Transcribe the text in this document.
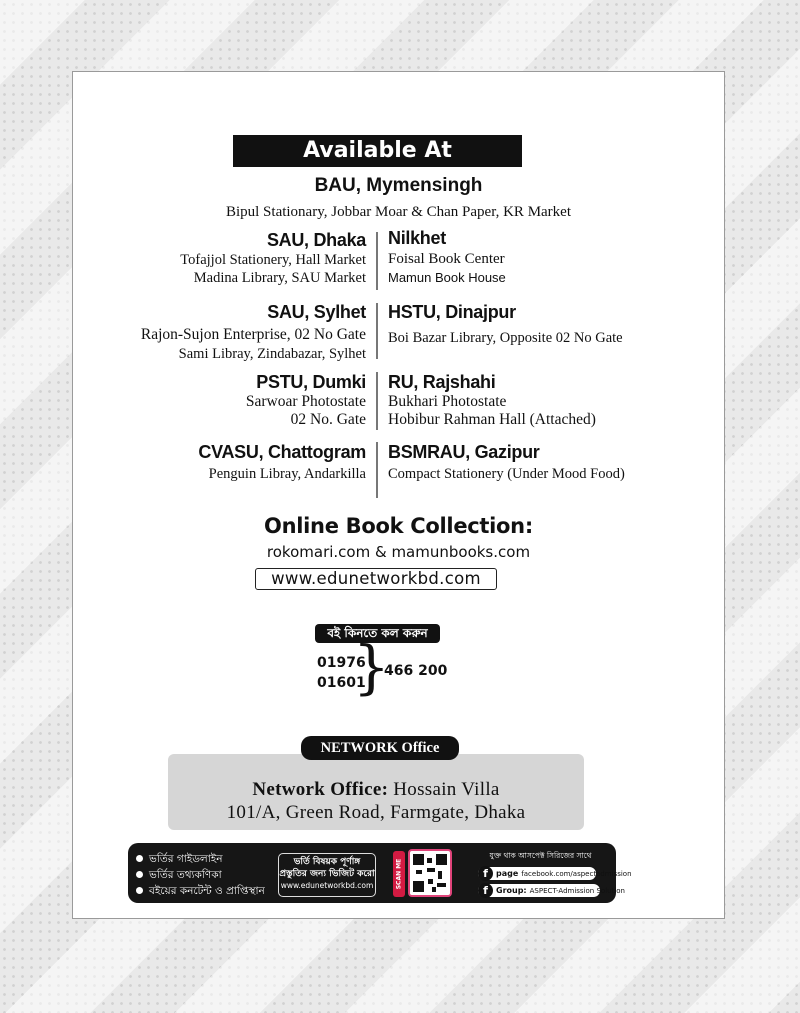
Available At
BAU, Mymensingh
Bipul Stationary, Jobbar Moar & Chan Paper, KR Market
SAU, Dhaka
Tofajjol Stationery, Hall Market
Madina Library, SAU Market
Nilkhet
Foisal Book Center
Mamun Book House
SAU, Sylhet
Rajon-Sujon Enterprise, 02 No Gate
Sami Libray, Zindabazar, Sylhet
HSTU, Dinajpur
Boi Bazar Library, Opposite 02 No Gate
PSTU, Dumki
Sarwoar Photostate
02 No. Gate
RU, Rajshahi
Bukhari Photostate
Hobibur Rahman Hall (Attached)
CVASU, Chattogram
Penguin Libray, Andarkilla
BSMRAU, Gazipur
Compact Stationery (Under Mood Food)
Online Book Collection:
rokomari.com & mamunbooks.com
www.edunetworkbd.com
বই কিনতে কল করুন
01976
01601
}
466 200
Network Office: Hossain Villa
101/A, Green Road, Farmgate, Dhaka
NETWORK Office
ভর্তির গাইডলাইন
ভর্তির তথ্যকণিকা
বইয়ের কনটেন্ট ও প্রাপ্তিস্থান
ভর্তি বিষয়ক পূর্ণাঙ্গ
প্রস্তুতির জন্য ভিজিট করো
www.edunetworkbd.com	SCAN ME
যুক্ত থাক আসপেক্ট সিরিজের সাথে
f	page facebook.com/aspectadmission
f	Group: ASPECT-Admission Solution
